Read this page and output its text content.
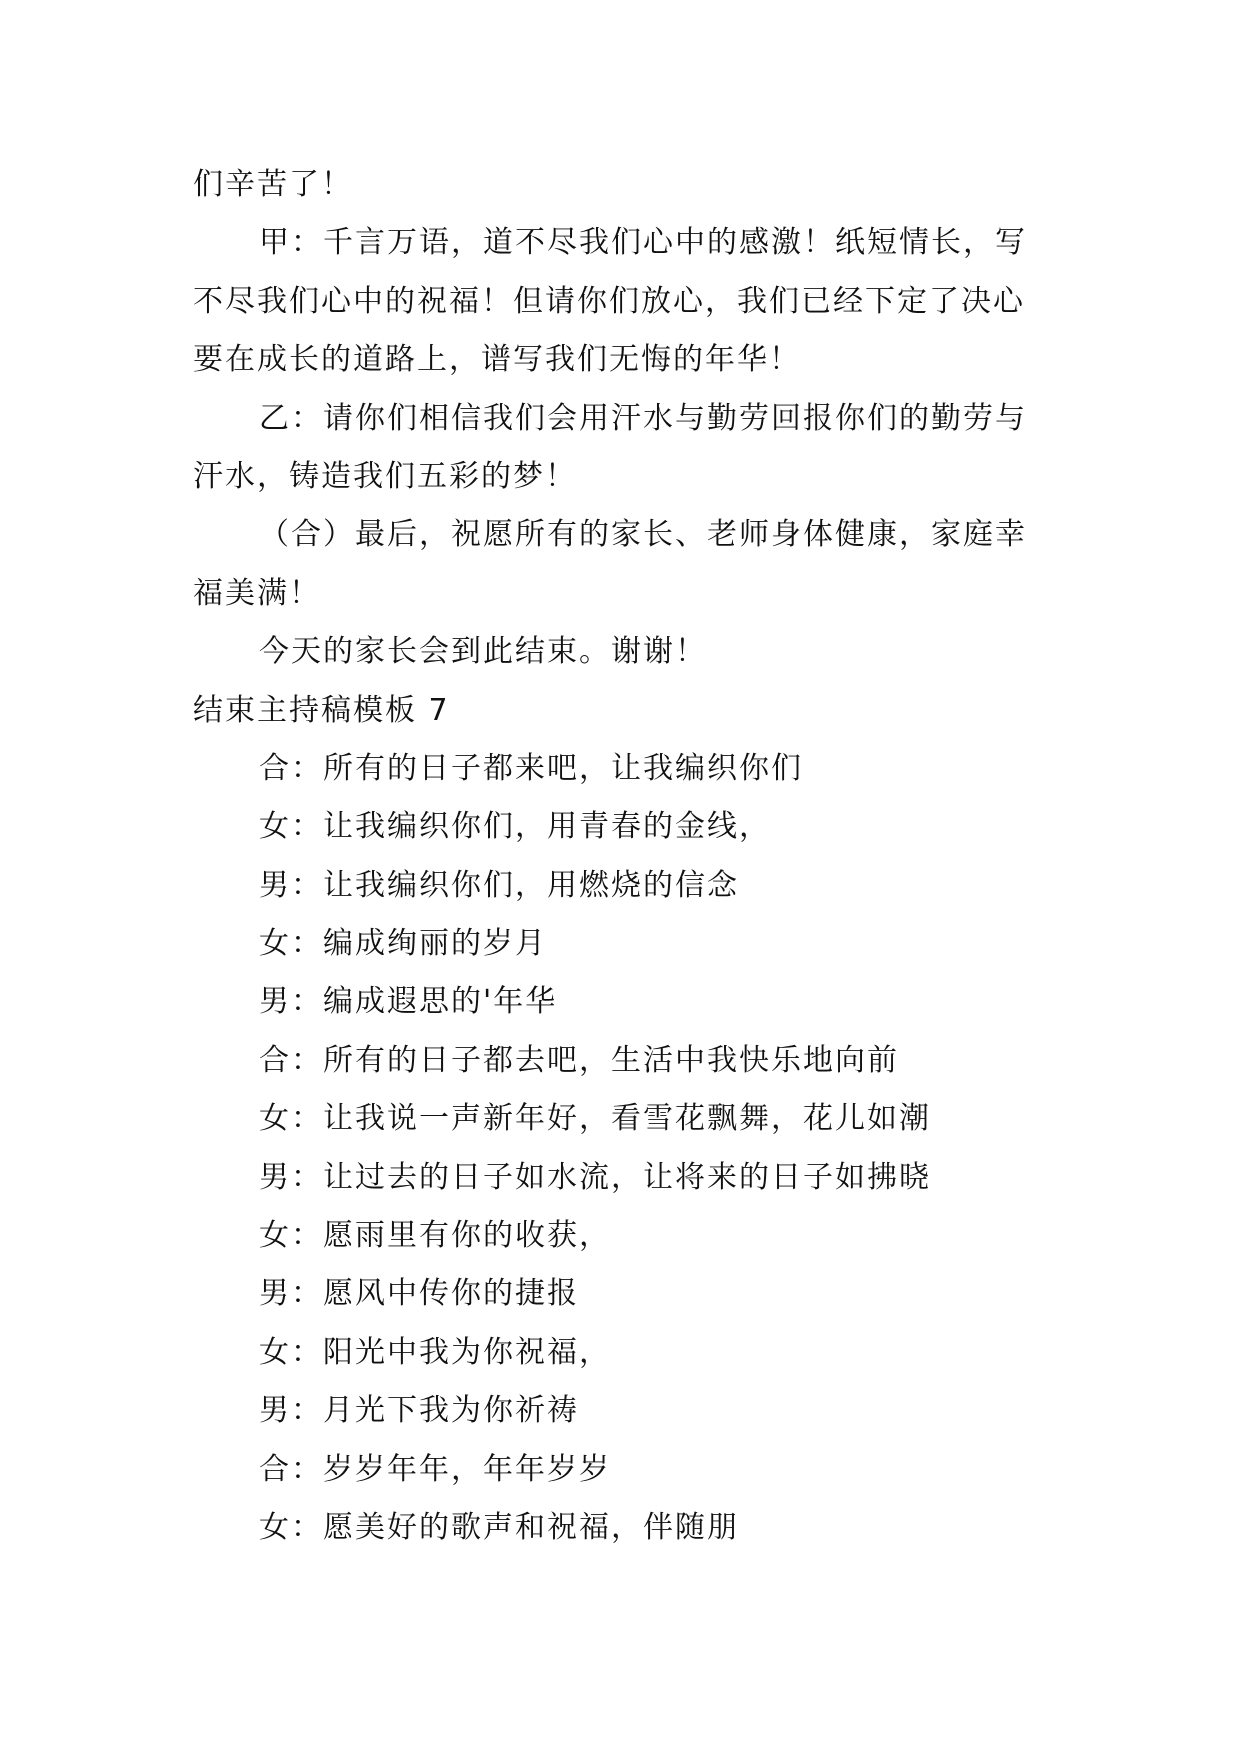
们辛苦了！
甲：千言万语，道不尽我们心中的感激！纸短情长，写
不尽我们心中的祝福！但请你们放心，我们已经下定了决心
要在成长的道路上，谱写我们无悔的年华！
乙：请你们相信我们会用汗水与勤劳回报你们的勤劳与
汗水，铸造我们五彩的梦！
（合）最后，祝愿所有的家长、老师身体健康，家庭幸
福美满！
今天的家长会到此结束。谢谢！
结束主持稿模板 7
合：所有的日子都来吧，让我编织你们
女：让我编织你们，用青春的金线，
男：让我编织你们，用燃烧的信念
女：编成绚丽的岁月
男：编成遐思的'年华
合：所有的日子都去吧，生活中我快乐地向前
女：让我说一声新年好，看雪花飘舞，花儿如潮
男：让过去的日子如水流，让将来的日子如拂晓
女：愿雨里有你的收获，
男：愿风中传你的捷报
女：阳光中我为你祝福，
男：月光下我为你祈祷
合：岁岁年年，年年岁岁
女：愿美好的歌声和祝福，伴随朋
